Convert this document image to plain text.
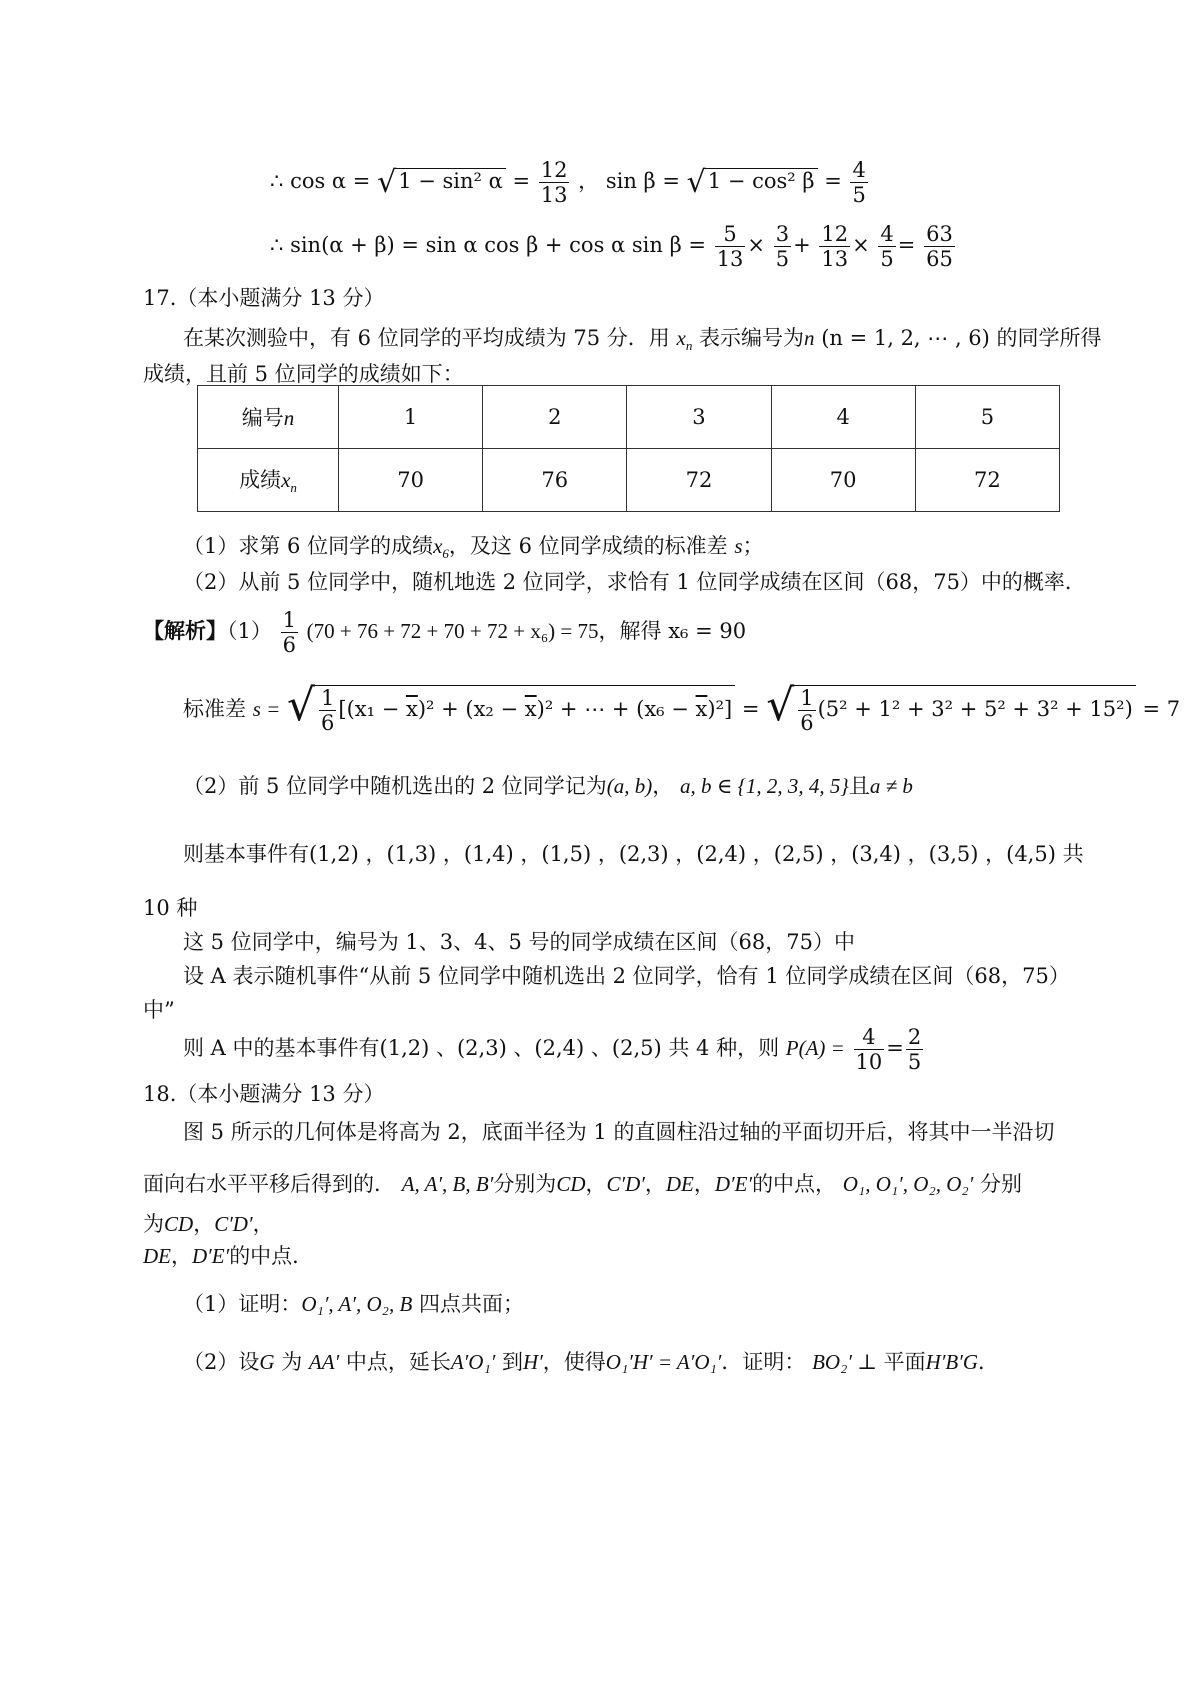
∴ cos α = √1 − sin² $\alpha = \frac{12}{13}$ ， sin β = √1 − cos² $\beta = \frac{4}{5}$
∴ sin(α + β) = sin α cos β + cos α $\sin \beta = \frac{5}{13} \times \frac{3}{5} + \frac{12}{13} \times \frac{4}{5} = \frac{63}{65}$
17.（本小题满分 13 分）
在某次测验中，有 6 位同学的平均成绩为 75 分．用 $x_n$ 表示编号为n (n = 1, 2, ⋯ , 6) 的同学所得
成绩，且前 5 位同学的成绩如下：
编号n	1	2	3	4	5
成绩$x_n$	70	76	72	70	72
（1）求第 6 位同学的成绩$x_6$，及这 6 位同学成绩的标准差 s；
（2）从前 5 位同学中，随机地选 2 位同学，求恰有 1 位同学成绩在区间（68，75）中的概率．
【解析】$(1) \frac{1}{6} (70 + 76 + 72 + 70 + 72 + x_6) = 75$，解得 x₆ = 90
标准差 s = √ $\frac{1}{6} [(x_1 - \overline{x})^2 + (x_2 - \overline{x})^2$ + ⋯ + $(x_6 - \overline{x})^2$] = √ $\frac{1}{6} (5^2 + 1^2 + 3^2 + 5^2 + 3^2 + 15^2) = 7$
（2）前 5 位同学中随机选出的 2 位同学记为(a, b)， a, b ∈ {1, 2, 3, 4, 5}且a ≠ b
则基本事件有(1,2) ，(1,3) ，(1,4) ，(1,5) ，(2,3) ，(2,4) ，(2,5) ，(3,4) ，(3,5) ，(4,5) 共
10 种
这 5 位同学中，编号为 1、3、4、5 号的同学成绩在区间（68，75）中
设 A 表示随机事件“从前 5 位同学中随机选出 2 位同学，恰有 1 位同学成绩在区间（68，75）
中”
则 A 中的基本事件有(1,2) 、(2,3) 、(2,4) 、(2,5) 共 4 种，则 $P(A) = \frac{4}{10} = \frac{2}{5}$
18.（本小题满分 13 分）
图 5 所示的几何体是将高为 2，底面半径为 1 的直圆柱沿过轴的平面切开后，将其中一半沿切
面向右水平平移后得到的． A, A′, B, B′分别为CD，C′D′，DE，D′E′的中点， O₁, O₁′, O₂, O₂′ 分别
为CD，C′D′，
DE，D′E′的中点．
（1）证明：O₁′, A′, O₂, B 四点共面；
（2）设G 为 AA′ 中点，延长A′O₁′ 到H′，使得O₁′H′ = A′O₁′．证明： BO₂′ ⊥ 平面H′B′G．
